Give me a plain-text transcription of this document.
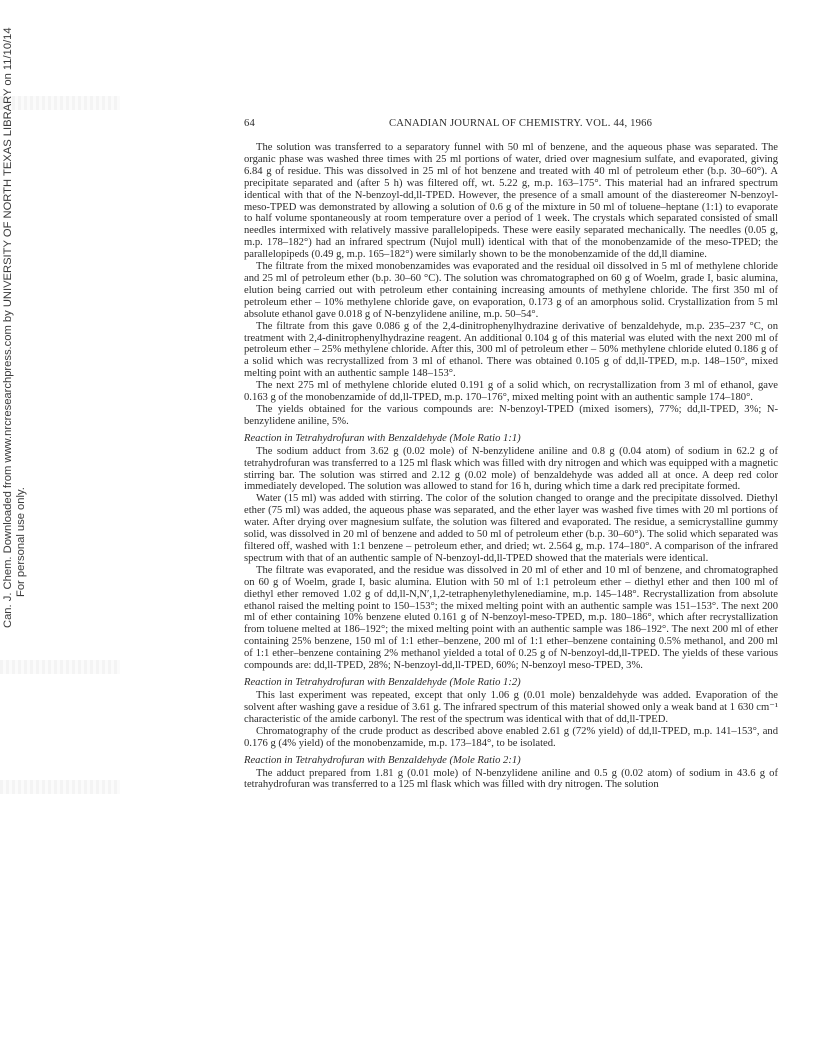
Can. J. Chem. Downloaded from www.nrcresearchpress.com by UNIVERSITY OF NORTH TEXAS LIBRARY on 11/10/14 For personal use only.
64	CANADIAN JOURNAL OF CHEMISTRY. VOL. 44, 1966

The solution was transferred to a separatory funnel with 50 ml of benzene, and the aqueous phase was separated. The organic phase was washed three times with 25 ml portions of water, dried over magnesium sulfate, and evaporated, giving 6.84 g of residue. This was dissolved in 25 ml of hot benzene and treated with 40 ml of petroleum ether (b.p. 30–60°). A precipitate separated and (after 5 h) was filtered off, wt. 5.22 g, m.p. 163–175°. This material had an infrared spectrum identical with that of the N-benzoyl-dd,ll-TPED. However, the presence of a small amount of the diastereomer N-benzoyl-meso-TPED was demonstrated by allowing a solution of 0.6 g of the mixture in 50 ml of toluene–heptane (1:1) to evaporate to half volume spontaneously at room temperature over a period of 1 week. The crystals which separated consisted of small needles intermixed with relatively massive parallelopipeds. These were easily separated mechanically. The needles (0.05 g, m.p. 178–182°) had an infrared spectrum (Nujol mull) identical with that of the monobenzamide of the meso-TPED; the parallelopipeds (0.49 g, m.p. 165–182°) were similarly shown to be the monobenzamide of the dd,ll diamine.

The filtrate from the mixed monobenzamides was evaporated and the residual oil dissolved in 5 ml of methylene chloride and 25 ml of petroleum ether (b.p. 30–60 °C). The solution was chromatographed on 60 g of Woelm, grade I, basic alumina, elution being carried out with petroleum ether containing increasing amounts of methylene chloride. The first 350 ml of petroleum ether – 10% methylene chloride gave, on evaporation, 0.173 g of an amorphous solid. Crystallization from 5 ml absolute ethanol gave 0.018 g of N-benzylidene aniline, m.p. 50–54°.

The filtrate from this gave 0.086 g of the 2,4-dinitrophenylhydrazine derivative of benzaldehyde, m.p. 235–237 °C, on treatment with 2,4-dinitrophenylhydrazine reagent. An additional 0.104 g of this material was eluted with the next 200 ml of petroleum ether – 25% methylene chloride. After this, 300 ml of petroleum ether – 50% methylene chloride eluted 0.186 g of a solid which was recrystallized from 3 ml of ethanol. There was obtained 0.105 g of dd,ll-TPED, m.p. 148–150°, mixed melting point with an authentic sample 148–153°.

The next 275 ml of methylene chloride eluted 0.191 g of a solid which, on recrystallization from 3 ml of ethanol, gave 0.163 g of the monobenzamide of dd,ll-TPED, m.p. 170–176°, mixed melting point with an authentic sample 174–180°.

The yields obtained for the various compounds are: N-benzoyl-TPED (mixed isomers), 77%; dd,ll-TPED, 3%; N-benzylidene aniline, 5%.

Reaction in Tetrahydrofuran with Benzaldehyde (Mole Ratio 1:1)

The sodium adduct from 3.62 g (0.02 mole) of N-benzylidene aniline and 0.8 g (0.04 atom) of sodium in 62.2 g of tetrahydrofuran was transferred to a 125 ml flask which was filled with dry nitrogen and which was equipped with a magnetic stirring bar. The solution was stirred and 2.12 g (0.02 mole) of benzaldehyde was added all at once. A deep red color immediately developed. The solution was allowed to stand for 16 h, during which time a dark red precipitate formed.

Water (15 ml) was added with stirring. The color of the solution changed to orange and the precipitate dissolved. Diethyl ether (75 ml) was added, the aqueous phase was separated, and the ether layer was washed five times with 20 ml portions of water. After drying over magnesium sulfate, the solution was filtered and evaporated. The residue, a semicrystalline gummy solid, was dissolved in 20 ml of benzene and added to 50 ml of petroleum ether (b.p. 30–60°). The solid which separated was filtered off, washed with 1:1 benzene – petroleum ether, and dried; wt. 2.564 g, m.p. 174–180°. A comparison of the infrared spectrum with that of an authentic sample of N-benzoyl-dd,ll-TPED showed that the materials were identical.

The filtrate was evaporated, and the residue was dissolved in 20 ml of ether and 10 ml of benzene, and chromatographed on 60 g of Woelm, grade I, basic alumina. Elution with 50 ml of 1:1 petroleum ether – diethyl ether and then 100 ml of diethyl ether removed 1.02 g of dd,ll-N,N′,1,2-tetraphenylethylenediamine, m.p. 145–148°. Recrystallization from absolute ethanol raised the melting point to 150–153°; the mixed melting point with an authentic sample was 151–153°. The next 200 ml of ether containing 10% benzene eluted 0.161 g of N-benzoyl-meso-TPED, m.p. 180–186°, which after recrystallization from toluene melted at 186–192°; the mixed melting point with an authentic sample was 186–192°. The next 200 ml of ether containing 25% benzene, 150 ml of 1:1 ether–benzene, 200 ml of 1:1 ether–benzene containing 0.5% methanol, and 200 ml of 1:1 ether–benzene containing 2% methanol yielded a total of 0.25 g of N-benzoyl-dd,ll-TPED. The yields of these various compounds are: dd,ll-TPED, 28%; N-benzoyl-dd,ll-TPED, 60%; N-benzoyl meso-TPED, 3%.

Reaction in Tetrahydrofuran with Benzaldehyde (Mole Ratio 1:2)

This last experiment was repeated, except that only 1.06 g (0.01 mole) benzaldehyde was added. Evaporation of the solvent after washing gave a residue of 3.61 g. The infrared spectrum of this material showed only a weak band at 1 630 cm⁻¹ characteristic of the amide carbonyl. The rest of the spectrum was identical with that of dd,ll-TPED.

Chromatography of the crude product as described above enabled 2.61 g (72% yield) of dd,ll-TPED, m.p. 141–153°, and 0.176 g (4% yield) of the monobenzamide, m.p. 173–184°, to be isolated.

Reaction in Tetrahydrofuran with Benzaldehyde (Mole Ratio 2:1)

The adduct prepared from 1.81 g (0.01 mole) of N-benzylidene aniline and 0.5 g (0.02 atom) of sodium in 43.6 g of tetrahydrofuran was transferred to a 125 ml flask which was filled with dry nitrogen. The solution
